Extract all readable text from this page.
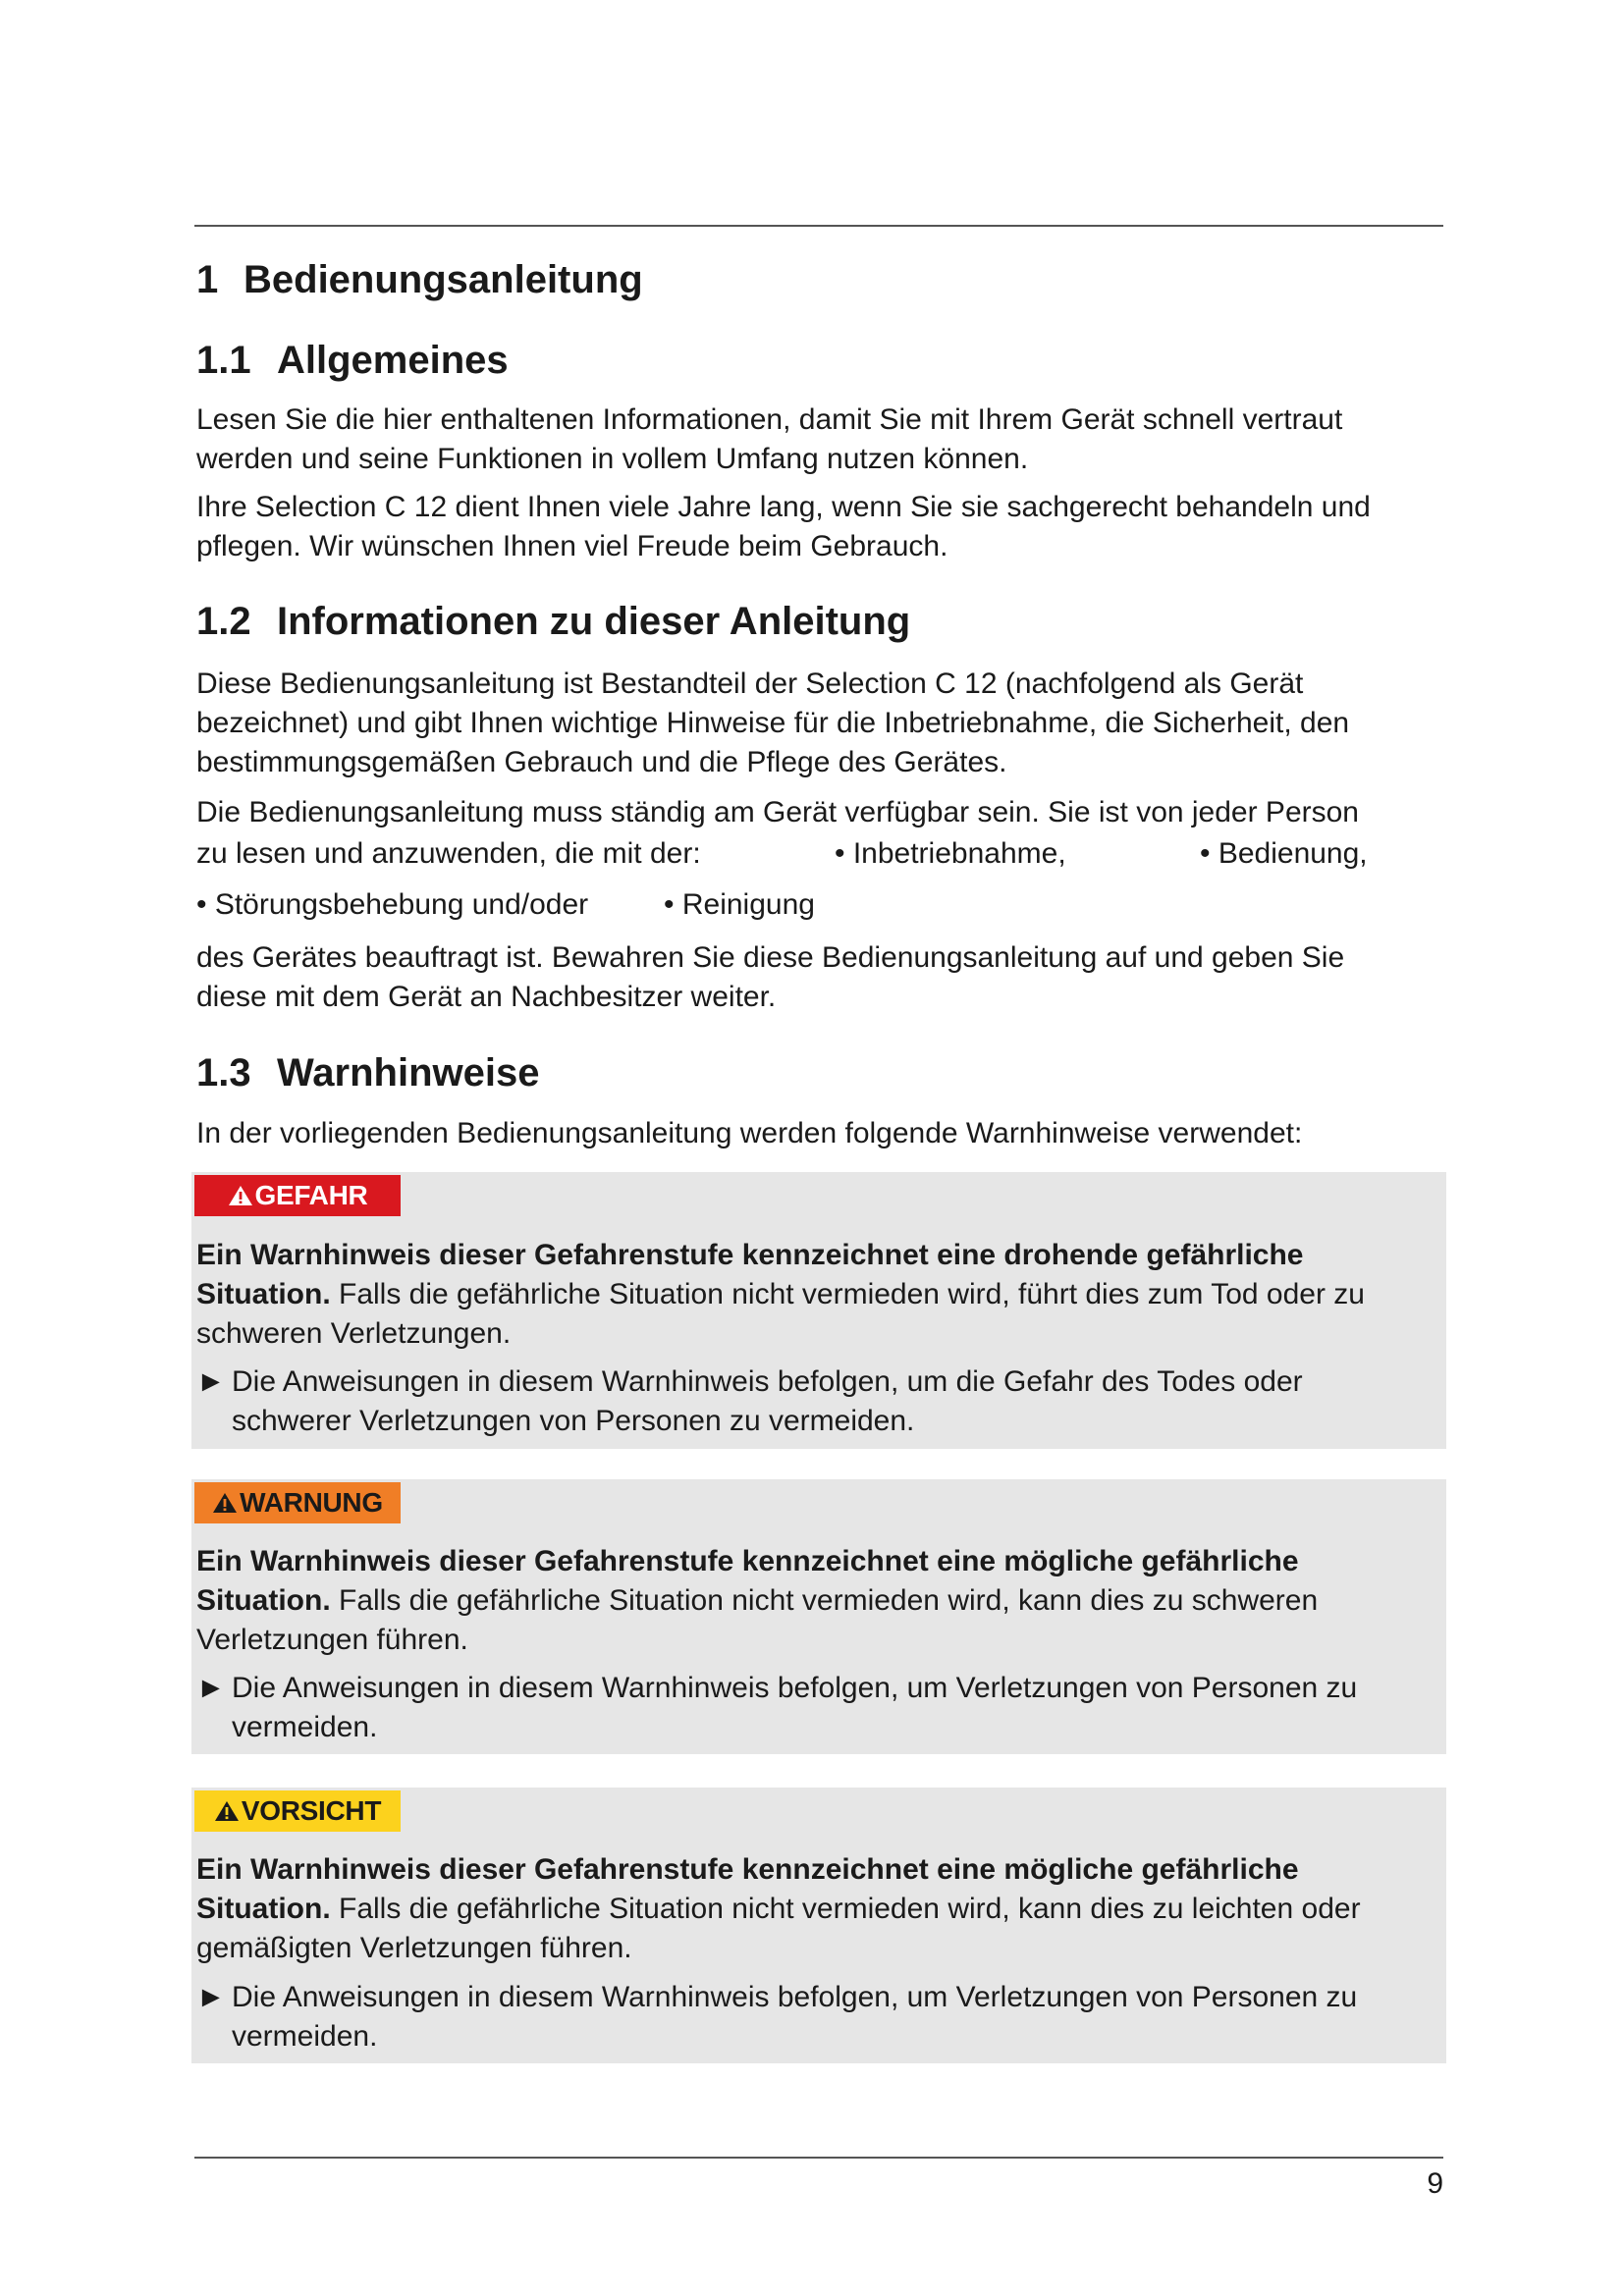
1 Bedienungsanleitung
1.1 Allgemeines
Lesen Sie die hier enthaltenen Informationen, damit Sie mit Ihrem Gerät schnell vertraut
werden und seine Funktionen in vollem Umfang nutzen können.
Ihre Selection C 12 dient Ihnen viele Jahre lang, wenn Sie sie sachgerecht behandeln und
pflegen. Wir wünschen Ihnen viel Freude beim Gebrauch.
1.2 Informationen zu dieser Anleitung
Diese Bedienungsanleitung ist Bestandteil der Selection C 12 (nachfolgend als Gerät
bezeichnet) und gibt Ihnen wichtige Hinweise für die Inbetriebnahme, die Sicherheit, den
bestimmungsgemäßen Gebrauch und die Pflege des Gerätes.
Die Bedienungsanleitung muss ständig am Gerät verfügbar sein. Sie ist von jeder Person
zu lesen und anzuwenden, die mit der:	• Inbetriebnahme,	• Bedienung,
• Störungsbehebung und/oder	• Reinigung
des Gerätes beauftragt ist. Bewahren Sie diese Bedienungsanleitung auf und geben Sie
diese mit dem Gerät an Nachbesitzer weiter.
1.3 Warnhinweise
In der vorliegenden Bedienungsanleitung werden folgende Warnhinweise verwendet:
GEFAHR
Ein Warnhinweis dieser Gefahrenstufe kennzeichnet eine drohende gefährliche
Situation. Falls die gefährliche Situation nicht vermieden wird, führt dies zum Tod oder zu
schweren Verletzungen.
► Die Anweisungen in diesem Warnhinweis befolgen, um die Gefahr des Todes oder
schwerer Verletzungen von Personen zu vermeiden.
WARNUNG
Ein Warnhinweis dieser Gefahrenstufe kennzeichnet eine mögliche gefährliche
Situation. Falls die gefährliche Situation nicht vermieden wird, kann dies zu schweren
Verletzungen führen.
► Die Anweisungen in diesem Warnhinweis befolgen, um Verletzungen von Personen zu
vermeiden.
VORSICHT
Ein Warnhinweis dieser Gefahrenstufe kennzeichnet eine mögliche gefährliche
Situation. Falls die gefährliche Situation nicht vermieden wird, kann dies zu leichten oder
gemäßigten Verletzungen führen.
► Die Anweisungen in diesem Warnhinweis befolgen, um Verletzungen von Personen zu
vermeiden.
9
